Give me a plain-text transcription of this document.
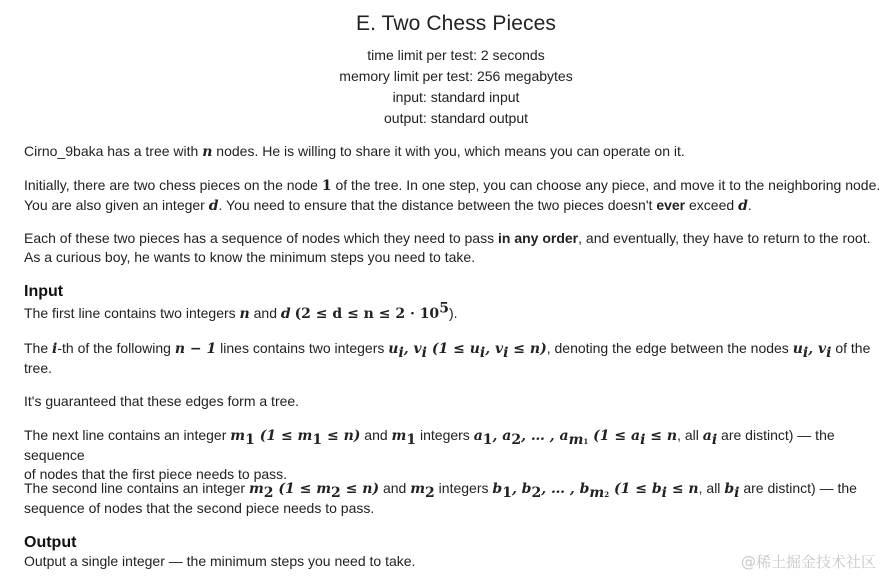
E. Two Chess Pieces
time limit per test: 2 seconds
memory limit per test: 256 megabytes
input: standard input
output: standard output
Cirno_9baka has a tree with n nodes. He is willing to share it with you, which means you can operate on it.
Initially, there are two chess pieces on the node 1 of the tree. In one step, you can choose any piece, and move it to the neighboring node.
You are also given an integer d. You need to ensure that the distance between the two pieces doesn't ever exceed d.
Each of these two pieces has a sequence of nodes which they need to pass in any order, and eventually, they have to return to the root.
As a curious boy, he wants to know the minimum steps you need to take.
Input
The first line contains two integers n and d $(2 \le d \le n \le 2 \cdot 10^5)$.
The i-th of the following n − 1 lines contains two integers $u_i$, $v_i$ ($1 \le u_i$, $v_i \le n$), denoting the edge between the nodes $u_i$, $v_i$ of the
tree.
It's guaranteed that these edges form a tree.
The next line contains an integer $m_1$ $(1 \le m_1 \le n)$ and $m_1$ integers $a_1$, $a_2$, … , $a_{m1}$ ($1 \le a_i \le n$, all $a_i$ are distinct) — the sequence
of nodes that the first piece needs to pass.
The second line contains an integer $m_2$ $(1 \le m_2 \le n)$ and $m_2$ integers $b_1$, $b_2$, … , $b_{m2}$ ($1 \le b_i \le n$, all $b_i$ are distinct) — the
sequence of nodes that the second piece needs to pass.
Output
Output a single integer — the minimum steps you need to take.	@稀土掘金技术社区
